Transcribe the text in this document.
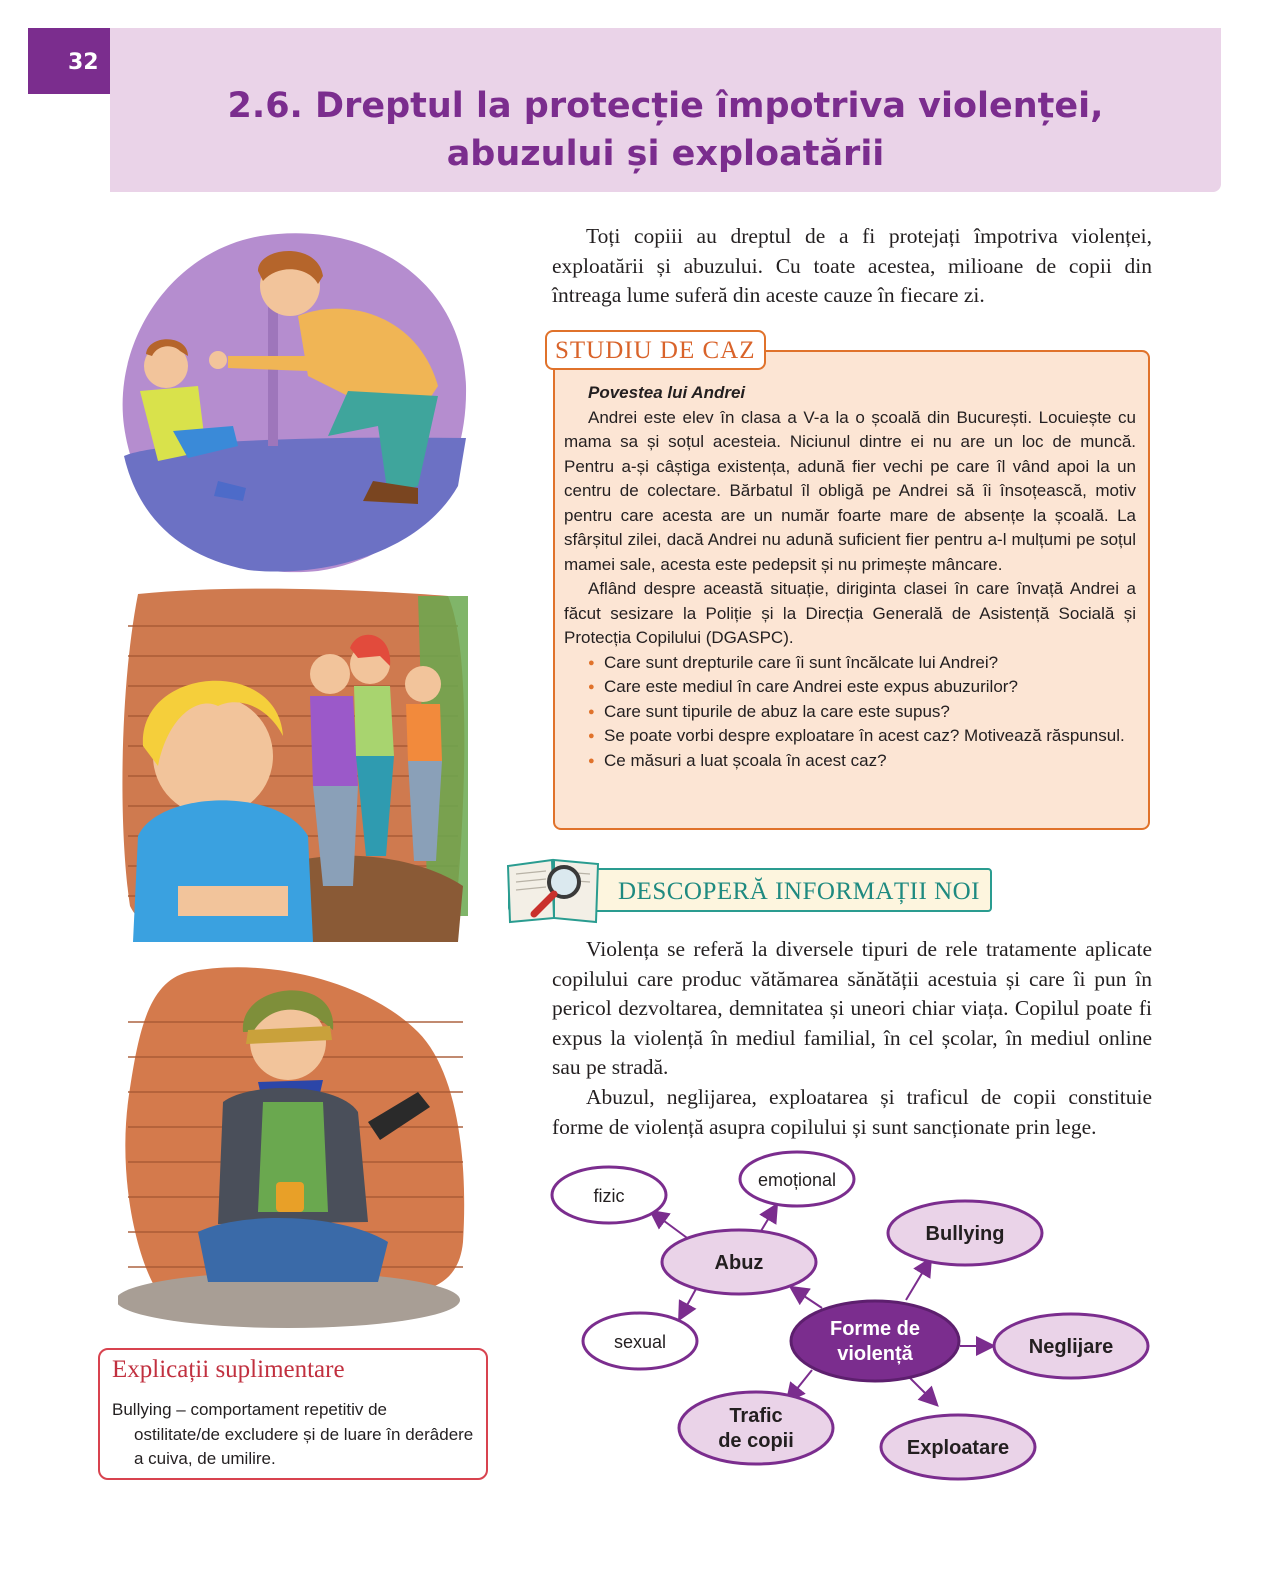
32
2.6. Dreptul la protecție împotriva violenței,
abuzului și exploatării

Toți copiii au dreptul de a fi protejați împotriva violenței, exploatării și abuzului. Cu toate acestea, milioane de copii din întreaga lume suferă din aceste cauze în fiecare zi.

STUDIU DE CAZ

Povestea lui Andrei

Andrei este elev în clasa a V-a la o școală din București. Locuiește cu mama sa și soțul acesteia. Niciunul dintre ei nu are un loc de muncă. Pentru a-și câștiga existența, adună fier vechi pe care îl vând apoi la un centru de colectare. Bărbatul îl obligă pe Andrei să îi însoțească, motiv pentru care acesta are un număr foarte mare de absențe la școală. La sfârșitul zilei, dacă Andrei nu adună suficient fier pentru a-l mulțumi pe soțul mamei sale, acesta este pedepsit și nu primește mâncare.

Aflând despre această situație, diriginta clasei în care învață Andrei a făcut sesizare la Poliție și la Direcția Generală de Asistență Socială și Protecția Copilului (DGASPC).

● Care sunt drepturile care îi sunt încălcate lui Andrei?
● Care este mediul în care Andrei este expus abuzurilor?
● Care sunt tipurile de abuz la care este supus?
● Se poate vorbi despre exploatare în acest caz? Motivează răspunsul.
● Ce măsuri a luat școala în acest caz?
DESCOPERĂ INFORMAȚII NOI

Violența se referă la diversele tipuri de rele tratamente aplicate copilului care produc vătămarea sănătății acestuia și care îi pun în pericol dezvoltarea, demnitatea și uneori chiar viața. Copilul poate fi expus la violență în mediul familial, în cel școlar, în mediul online sau pe stradă.

Abuzul, neglijarea, exploatarea și traficul de copii constituie forme de violență asupra copilului și sunt sancționate prin lege.

Forme de
violență
Abuz
fizic
emoțional
sexual
Bullying
Neglijare
Exploatare
Trafic
de copii
Explicații suplimentare
Bullying – comportament repetitiv de
ostilitate/de excludere și de luare în derâdere a cuiva, de umilire.
